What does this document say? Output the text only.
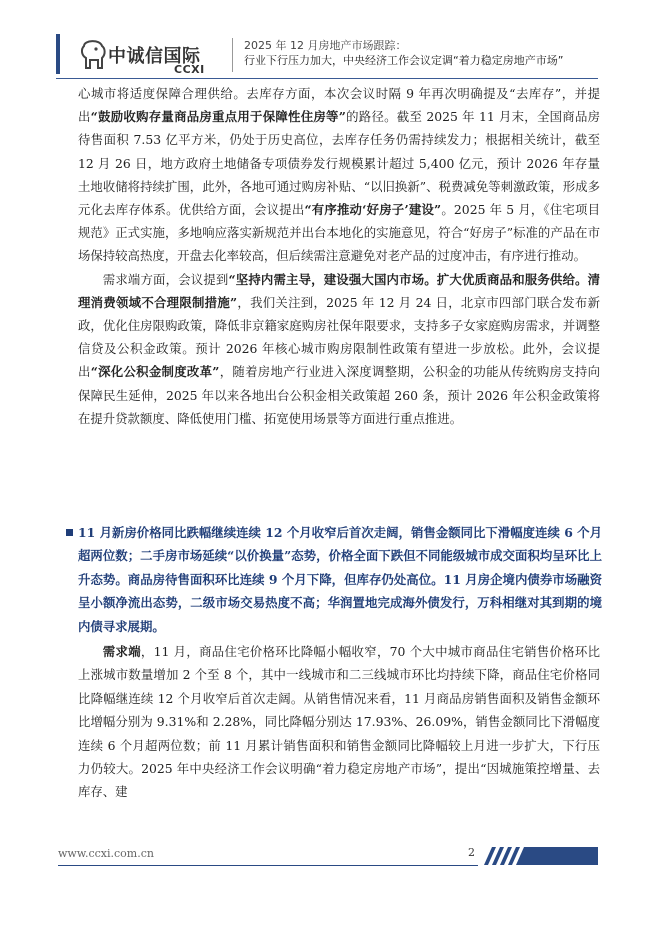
中诚信国际
CCXI
2025 年 12 月房地产市场跟踪：
行业下行压力加大，中央经济工作会议定调“着力稳定房地产市场”

心城市将适度保障合理供给。去库存方面，本次会议时隔 9 年再次明确提及“去库存”，并提出“鼓励收购存量商品房重点用于保障性住房等”的路径。截至 2025 年 11 月末，全国商品房待售面积 7.53 亿平方米，仍处于历史高位，去库存任务仍需持续发力；根据相关统计，截至 12 月 26 日，地方政府土地储备专项债券发行规模累计超过 5,400 亿元，预计 2026 年存量土地收储将持续扩围，此外，各地可通过购房补贴、“以旧换新”、税费减免等刺激政策，形成多元化去库存体系。优供给方面，会议提出“有序推动‘好房子’建设”。2025 年 5 月，《住宅项目规范》正式实施，多地响应落实新规范并出台本地化的实施意见，符合“好房子”标准的产品在市场保持较高热度，开盘去化率较高，但后续需注意避免对老产品的过度冲击，有序进行推动。

需求端方面，会议提到“坚持内需主导，建设强大国内市场。扩大优质商品和服务供给。清理消费领域不合理限制措施”，我们关注到，2025 年 12 月 24 日，北京市四部门联合发布新政，优化住房限购政策，降低非京籍家庭购房社保年限要求，支持多子女家庭购房需求，并调整信贷及公积金政策。预计 2026 年核心城市购房限制性政策有望进一步放松。此外，会议提出“深化公积金制度改革”，随着房地产行业进入深度调整期，公积金的功能从传统购房支持向保障民生延伸，2025 年以来各地出台公积金相关政策超 260 条，预计 2026 年公积金政策将在提升贷款额度、降低使用门槛、拓宽使用场景等方面进行重点推进。

11 月新房价格同比跌幅继续连续 12 个月收窄后首次走阔，销售金额同比下滑幅度连续 6 个月超两位数；二手房市场延续“以价换量”态势，价格全面下跌但不同能级城市成交面积均呈环比上升态势。商品房待售面积环比连续 9 个月下降，但库存仍处高位。11 月房企境内债券市场融资呈小额净流出态势，二级市场交易热度不高；华润置地完成海外债发行，万科相继对其到期的境内债寻求展期。

需求端，11 月，商品住宅价格环比降幅小幅收窄，70 个大中城市商品住宅销售价格环比上涨城市数量增加 2 个至 8 个，其中一线城市和二三线城市环比均持续下降，商品住宅价格同比降幅继连续 12 个月收窄后首次走阔。从销售情况来看，11 月商品房销售面积及销售金额环比增幅分别为 9.31%和 2.28%，同比降幅分别达 17.93%、26.09%，销售金额同比下滑幅度连续 6 个月超两位数；前 11 月累计销售面积和销售金额同比降幅较上月进一步扩大，下行压力仍较大。2025 年中央经济工作会议明确“着力稳定房地产市场”，提出“因城施策控增量、去库存、建

www.ccxi.com.cn	2
